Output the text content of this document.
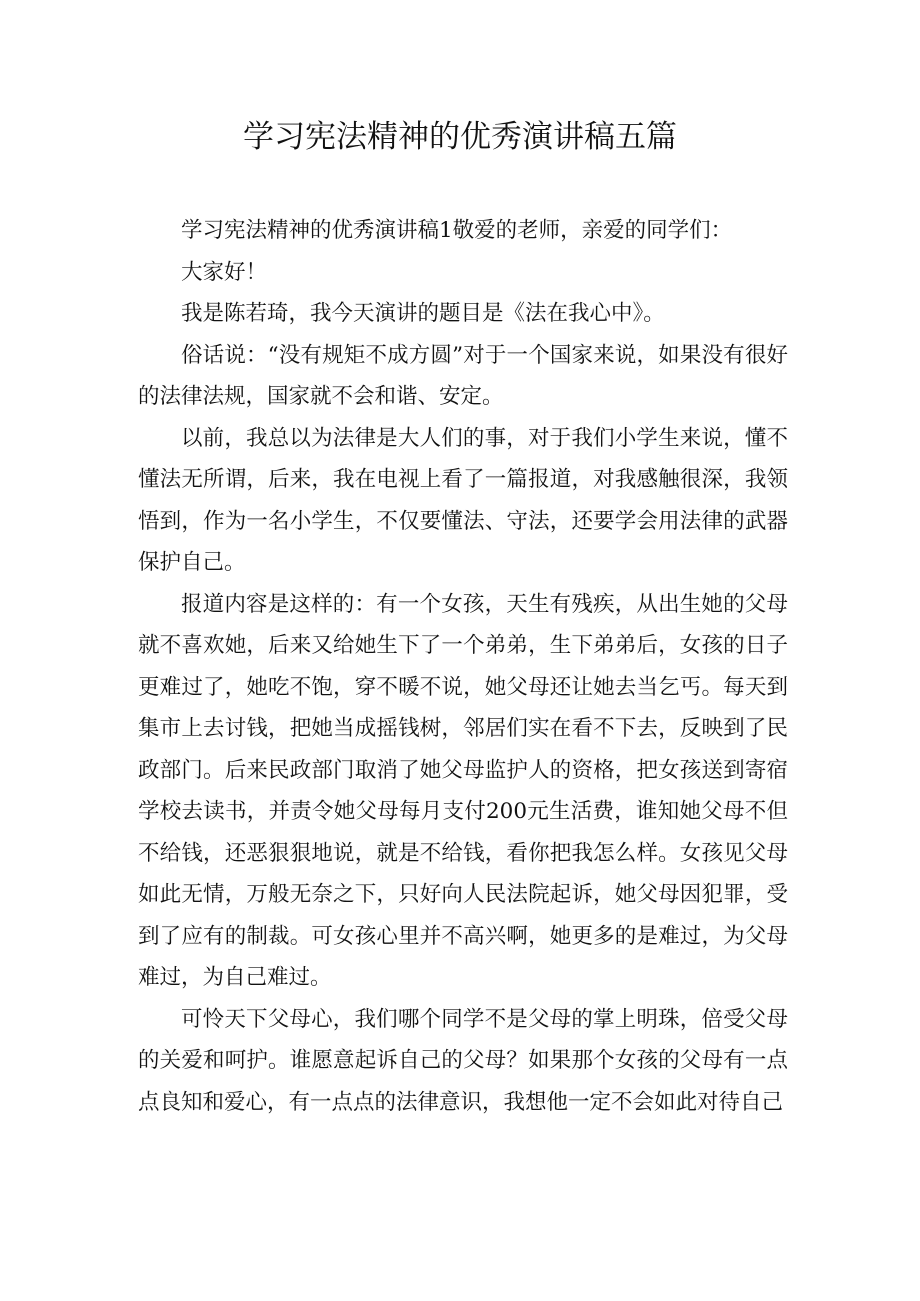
学习宪法精神的优秀演讲稿五篇

学习宪法精神的优秀演讲稿1敬爱的老师，亲爱的同学们：

大家好！

我是陈若琦，我今天演讲的题目是《法在我心中》。

俗话说：“没有规矩不成方圆”对于一个国家来说，如果没有很好的法律法规，国家就不会和谐、安定。

以前，我总以为法律是大人们的事，对于我们小学生来说，懂不懂法无所谓，后来，我在电视上看了一篇报道，对我感触很深，我领悟到，作为一名小学生，不仅要懂法、守法，还要学会用法律的武器保护自己。

报道内容是这样的：有一个女孩，天生有残疾，从出生她的父母就不喜欢她，后来又给她生下了一个弟弟，生下弟弟后，女孩的日子更难过了，她吃不饱，穿不暖不说，她父母还让她去当乞丐。每天到集市上去讨钱，把她当成摇钱树，邻居们实在看不下去，反映到了民政部门。后来民政部门取消了她父母监护人的资格，把女孩送到寄宿学校去读书，并责令她父母每月支付200元生活费，谁知她父母不但不给钱，还恶狠狠地说，就是不给钱，看你把我怎么样。女孩见父母如此无情，万般无奈之下，只好向人民法院起诉，她父母因犯罪，受到了应有的制裁。可女孩心里并不高兴啊，她更多的是难过，为父母难过，为自己难过。

可怜天下父母心，我们哪个同学不是父母的掌上明珠，倍受父母的关爱和呵护。谁愿意起诉自己的父母？如果那个女孩的父母有一点点良知和爱心，有一点点的法律意识，我想他一定不会如此对待自己
